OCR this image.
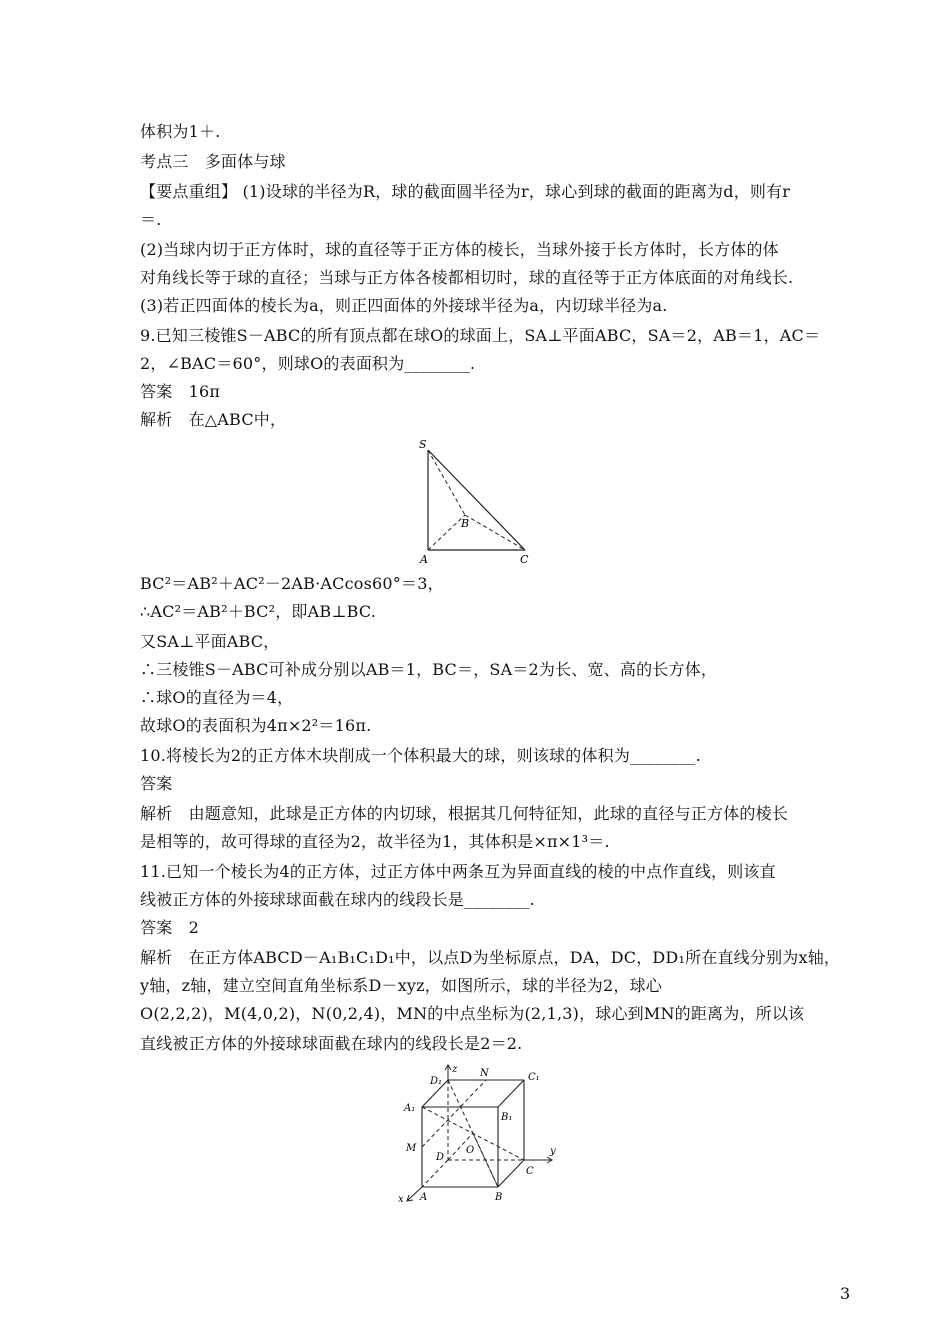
体积为1＋.
考点三　多面体与球
【要点重组】 (1)设球的半径为R，球的截面圆半径为r，球心到球的截面的距离为d，则有r
＝.
(2)当球内切于正方体时，球的直径等于正方体的棱长，当球外接于长方体时，长方体的体
对角线长等于球的直径；当球与正方体各棱都相切时，球的直径等于正方体底面的对角线长.
(3)若正四面体的棱长为a，则正四面体的外接球半径为a，内切球半径为a.
9.已知三棱锥S－ABC的所有顶点都在球O的球面上，SA⊥平面ABC，SA＝2，AB＝1，AC＝
2，∠BAC＝60°，则球O的表面积为________.
答案　16π
解析　在△ABC中，
S
A
B
C
BC²＝AB²＋AC²－2AB·ACcos60°＝3，
∴AC²＝AB²＋BC²，即AB⊥BC.
又SA⊥平面ABC，
∴三棱锥S－ABC可补成分别以AB＝1，BC＝，SA＝2为长、宽、高的长方体，
∴球O的直径为＝4，
故球O的表面积为4π×2²＝16π.
10.将棱长为2的正方体木块削成一个体积最大的球，则该球的体积为________.
答案
解析　由题意知，此球是正方体的内切球，根据其几何特征知，此球的直径与正方体的棱长
是相等的，故可得球的直径为2，故半径为1，其体积是×π×1³＝.
11.已知一个棱长为4的正方体，过正方体中两条互为异面直线的棱的中点作直线，则该直
线被正方体的外接球球面截在球内的线段长是________.
答案　2
解析　在正方体ABCD－A₁B₁C₁D₁中，以点D为坐标原点，DA，DC，DD₁所在直线分别为x轴，
y轴，z轴，建立空间直角坐标系D－xyz，如图所示，球的半径为2，球心
O(2,2,2)，M(4,0,2)，N(0,2,4)，MN的中点坐标为(2,1,3)，球心到MN的距离为，所以该
直线被正方体的外接球球面截在球内的线段长是2＝2.
z
y
x
D₁
N	C₁
A₁
B₁
M	O
D
C
A	B
3
